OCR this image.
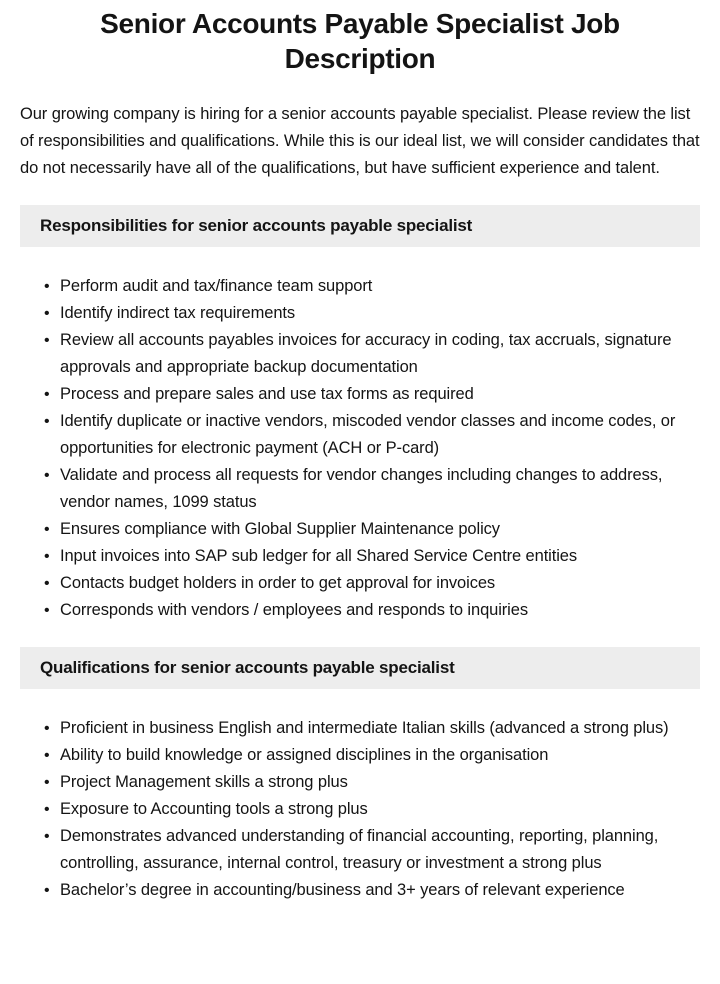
Senior Accounts Payable Specialist Job Description

Our growing company is hiring for a senior accounts payable specialist. Please review the list of responsibilities and qualifications. While this is our ideal list, we will consider candidates that do not necessarily have all of the qualifications, but have sufficient experience and talent.

Responsibilities for senior accounts payable specialist
• Perform audit and tax/finance team support
• Identify indirect tax requirements
• Review all accounts payables invoices for accuracy in coding, tax accruals, signature approvals and appropriate backup documentation
• Process and prepare sales and use tax forms as required
• Identify duplicate or inactive vendors, miscoded vendor classes and income codes, or opportunities for electronic payment (ACH or P-card)
• Validate and process all requests for vendor changes including changes to address, vendor names, 1099 status
• Ensures compliance with Global Supplier Maintenance policy
• Input invoices into SAP sub ledger for all Shared Service Centre entities
• Contacts budget holders in order to get approval for invoices
• Corresponds with vendors / employees and responds to inquiries
Qualifications for senior accounts payable specialist
• Proficient in business English and intermediate Italian skills (advanced a strong plus)
• Ability to build knowledge or assigned disciplines in the organisation
• Project Management skills a strong plus
• Exposure to Accounting tools a strong plus
• Demonstrates advanced understanding of financial accounting, reporting, planning, controlling, assurance, internal control, treasury or investment a strong plus
• Bachelor’s degree in accounting/business and 3+ years of relevant experience
